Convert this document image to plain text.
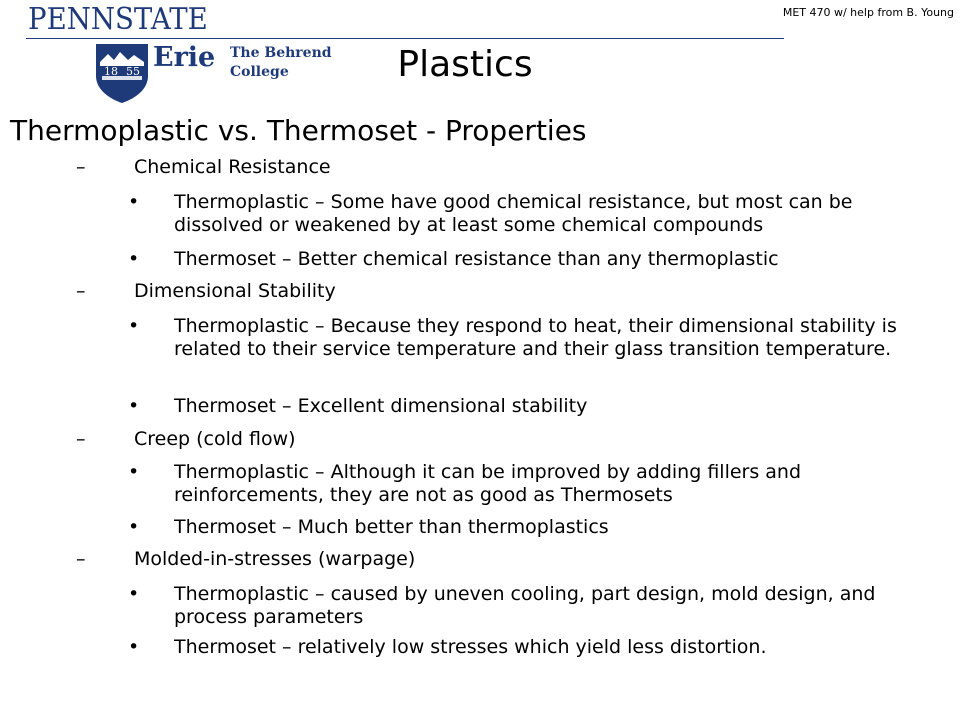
PENNSTATE	MET 470 w/ help from B. Young
18 55 Erie The Behrend
College	Plastics
Thermoplastic vs. Thermoset - Properties
–	Chemical Resistance
• Thermoplastic – Some have good chemical resistance, but most can be dissolved or weakened by at least some chemical compounds
• Thermoset – Better chemical resistance than any thermoplastic
–	Dimensional Stability
• Thermoplastic – Because they respond to heat, their dimensional stability is related to their service temperature and their glass transition temperature.
• Thermoset – Excellent dimensional stability
–	Creep (cold flow)
• Thermoplastic – Although it can be improved by adding fillers and reinforcements, they are not as good as Thermosets
• Thermoset – Much better than thermoplastics
–	Molded-in-stresses (warpage)
• Thermoplastic – caused by uneven cooling, part design, mold design, and process parameters
• Thermoset – relatively low stresses which yield less distortion.
